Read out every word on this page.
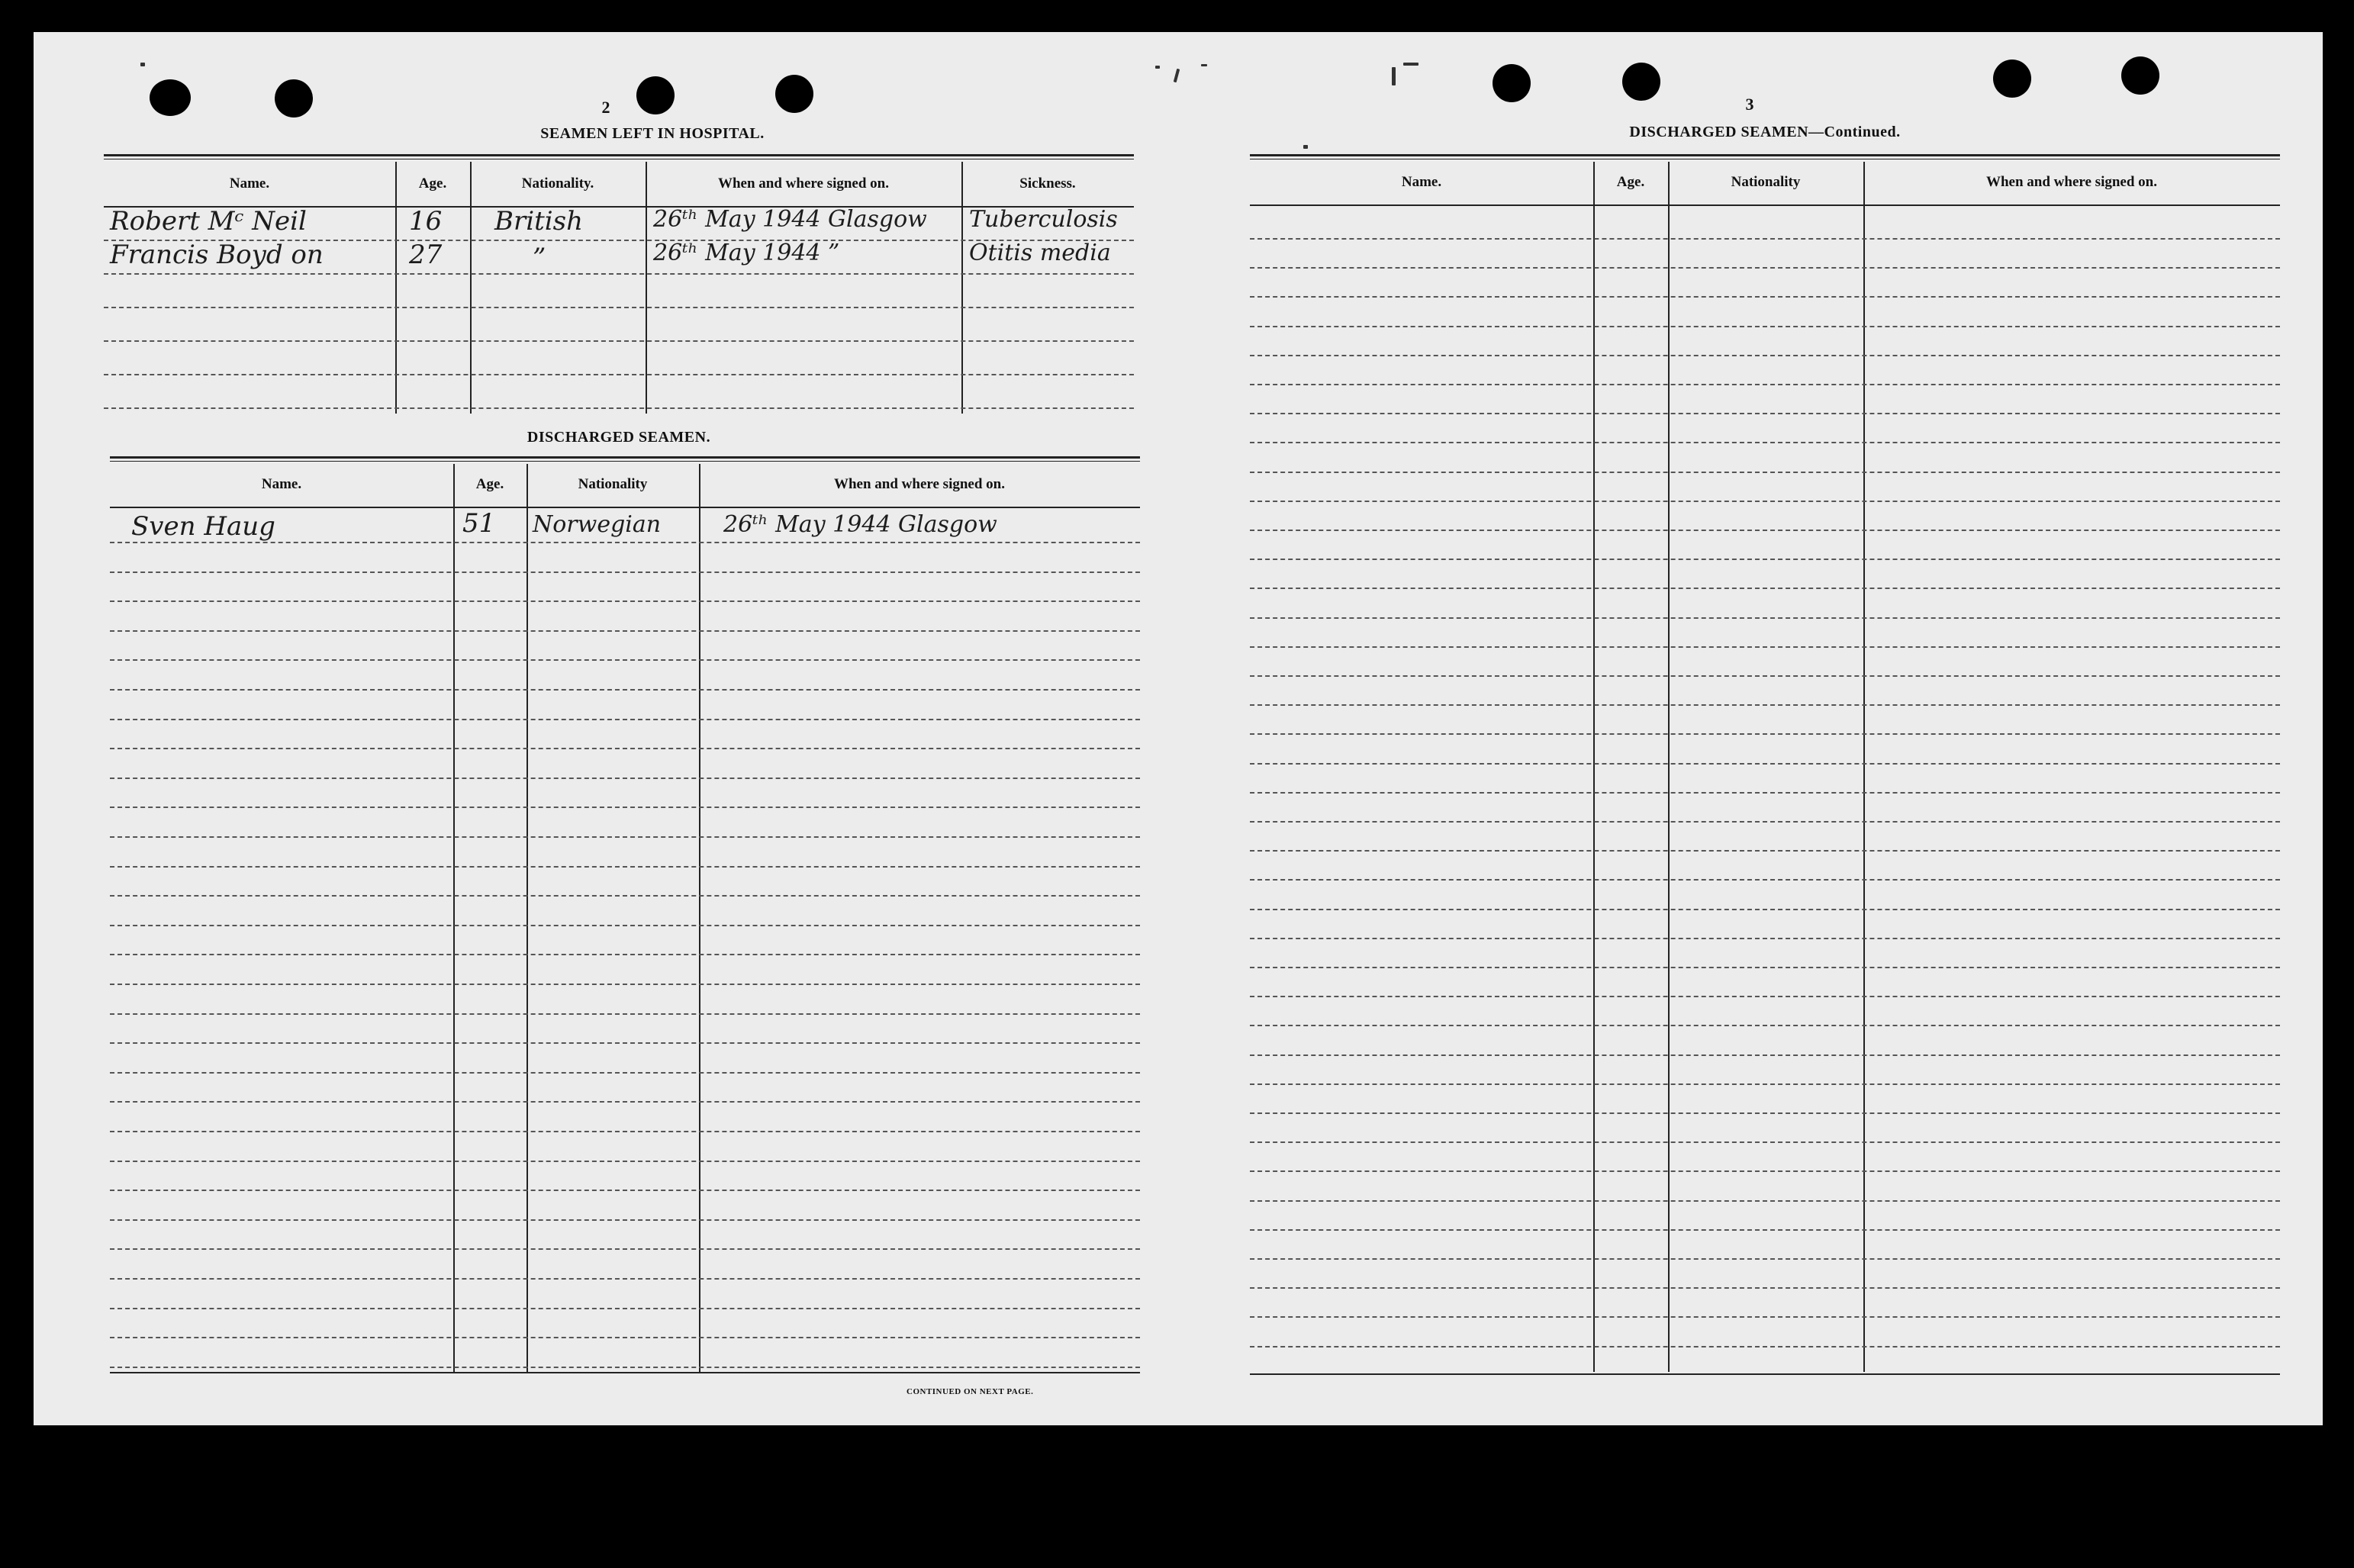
2
SEAMEN LEFT IN HOSPITAL.
Name.	Age.	Nationality.	When and where signed on.	Sickness.
Robert Mᶜ Neil	16 British	26ᵗʰ May 1944 Glasgow Tuberculosis
Francis Boyd on	27	”	26ᵗʰ May 1944 ”	Otitis media
DISCHARGED SEAMEN.
Name.	Age.	Nationality	When and where signed on.
Sven Haug	51 Norwegian	26ᵗʰ May 1944 Glasgow
CONTINUED ON NEXT PAGE.
3
DISCHARGED SEAMEN—Continued.
Name.	Age.	Nationality	When and where signed on.
